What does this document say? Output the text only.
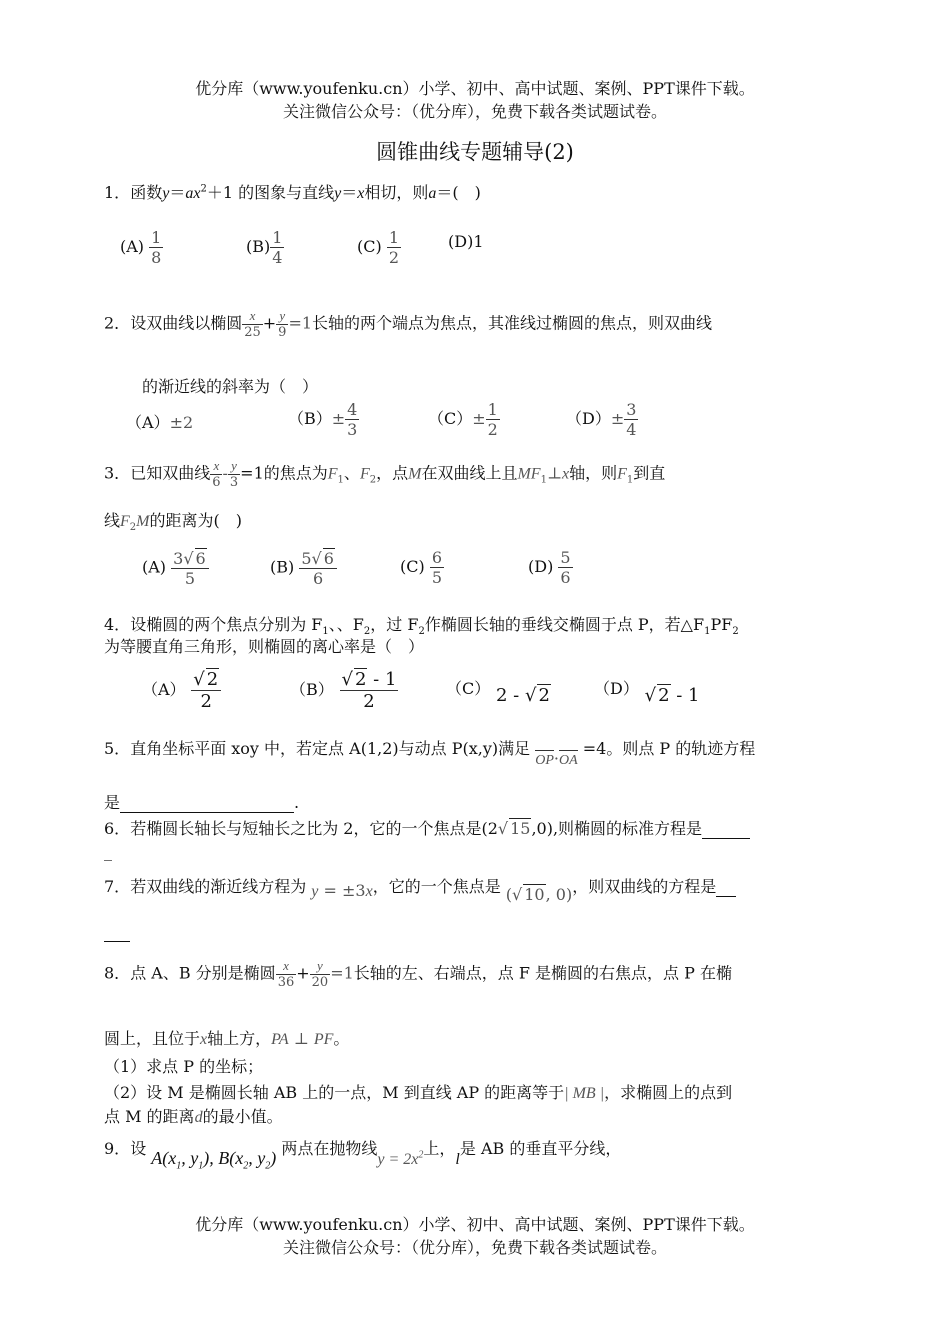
优分库（www.youfenku.cn）小学、初中、高中试题、案例、PPT课件下载。
关注微信公众号：（优分库），免费下载各类试题试卷。
圆锥曲线专题辅导(2)
1．函数$y=ax^2+1$ 的图象与直线y＝x相切，则a＝(　)
$(A) \frac{1}{8}$	$(B) \frac{1}{4}$	$(C) \frac{1}{2}$	(D)1
2．设双曲线以椭圆 $\frac{x}{25} + \frac{y}{9} =1$长轴的两个端点为焦点，其准线过椭圆的焦点，则双曲线
的渐近线的斜率为（　）
（A）±2	$(B)\pm \frac{4}{3}$	$(C)\pm \frac{1}{2}$	$(D)\pm \frac{3}{4}$
3．已知双曲线 $\frac{x}{6} - \frac{y}{3} =1$的焦点为$F_1$、$F_2$，点M在双曲线上且$MF_1\perp x$轴，则$F_1$到直
线$F_2M$的距离为(　)
$(A) \frac{3√ 6}{5}$	$(B) \frac{5√ 6}{6}$	$(C) \frac{6}{5}$	$(D) \frac{5}{6}$
4．设椭圆的两个焦点分别为 $F_1$、、$F_2$，过 $F_2$作椭圆长轴的垂线交椭圆于点 P，若$\triangle F_1PF_2$
为等腰直角三角形，则椭圆的离心率是（　）
$(A) \frac{√ 2}{2}$	$(B) \frac{√ 2 - 1}{2}$	（C） 2 - √ 2	（D） √ 2 - 1
5．直角坐标平面 xoy 中，若定点 A(1,2)与动点 P(x,y)满足
OP·
OA =4。则点 P 的轨迹方程
是	.
6．若椭圆长轴长与短轴长之比为 2，它的一个焦点是(2√ 15,0),则椭圆的标准方程是
_
7．若双曲线的渐近线方程为 y = ±3x，它的一个焦点是 (√ 10, 0)，则双曲线的方程是

8．点 A、B 分别是椭圆 $\frac{x}{36} + \frac{y}{20} =1$长轴的左、右端点，点 F 是椭圆的右焦点，点 P 在椭
圆上，且位于x轴上方，PA ⊥ PF。
（1）求点 P 的坐标；
（2）设 M 是椭圆长轴 AB 上的一点，M 到直线 AP 的距离等于| MB |，求椭圆上的点到
点 M 的距离d的最小值。
9．设 $A(x_1$, $y_1$), $B(x_2$, $y_2$) 两点在抛物线$y = 2x^2$上，l是 AB 的垂直平分线，
优分库（www.youfenku.cn）小学、初中、高中试题、案例、PPT课件下载。
关注微信公众号：（优分库），免费下载各类试题试卷。
